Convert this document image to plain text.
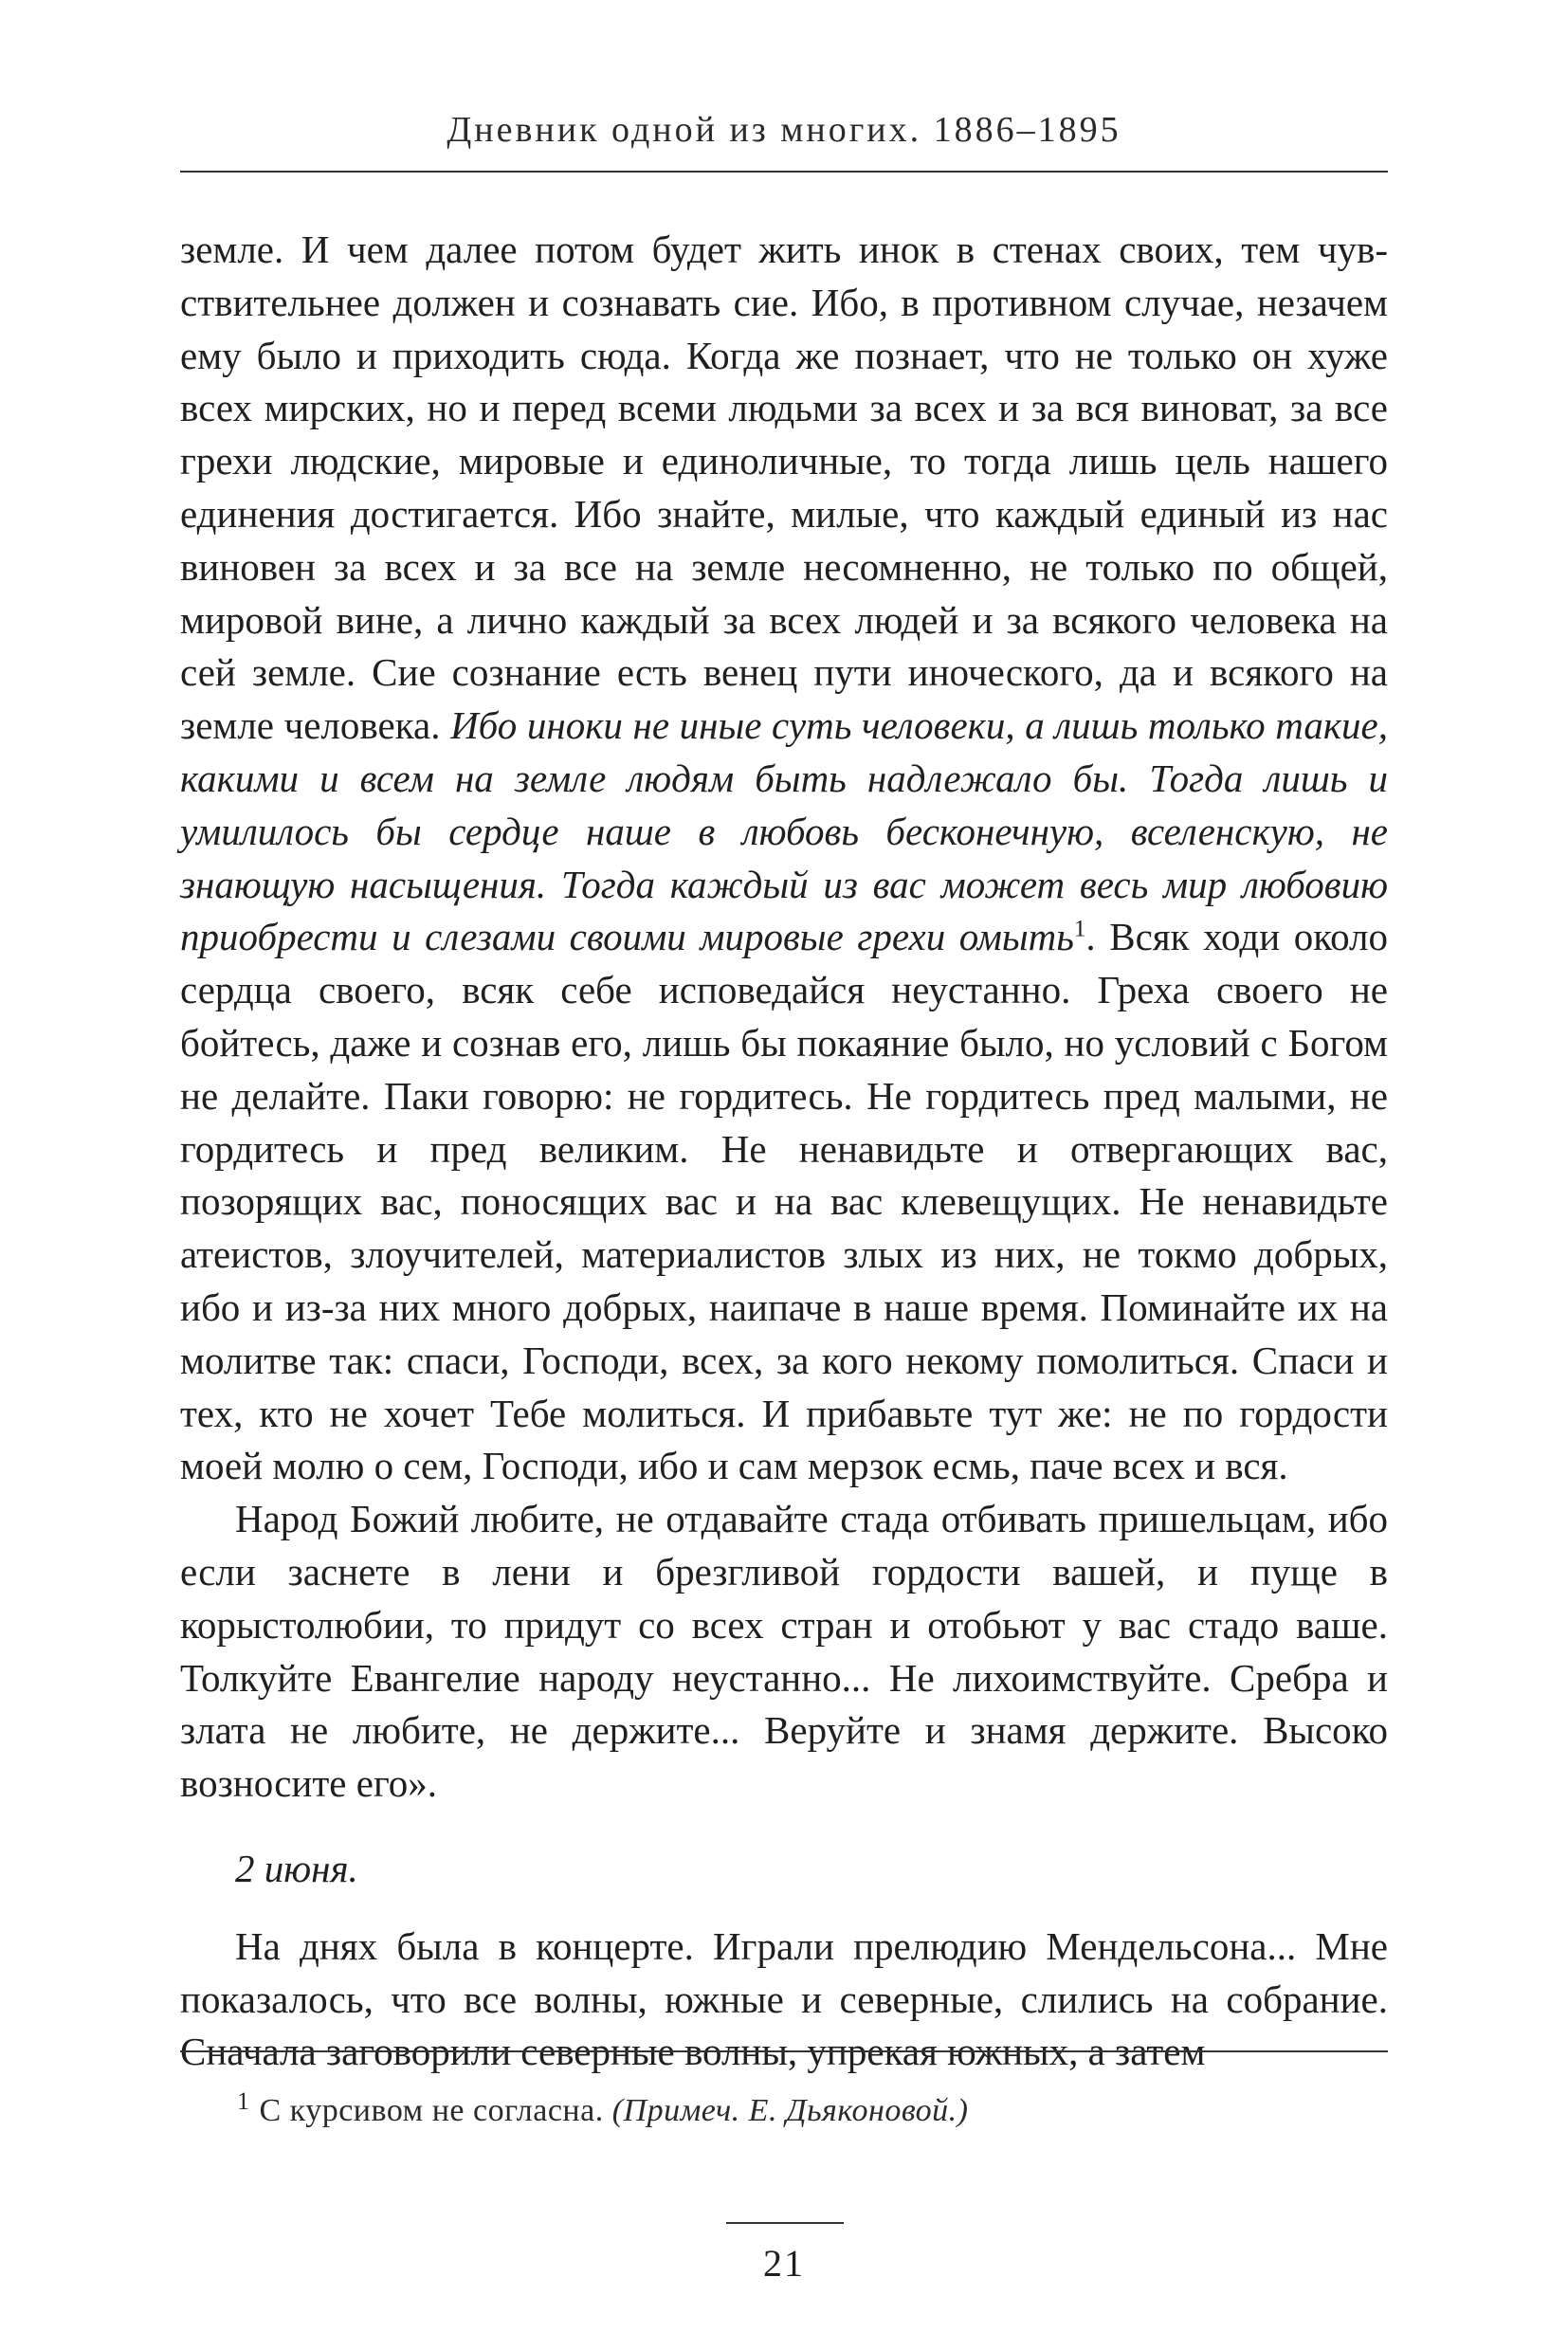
Дневник одной из многих. 1886–1895

земле. И чем далее потом будет жить инок в стенах своих, тем чувствительнее должен и сознавать сие. Ибо, в противном случае, незачем ему было и приходить сюда. Когда же познает, что не только он хуже всех мирских, но и перед всеми людьми за всех и за вся виноват, за все грехи людские, мировые и единоличные, то тогда лишь цель нашего единения достигается. Ибо знайте, милые, что каждый единый из нас виновен за всех и за все на земле несомненно, не только по общей, мировой вине, а лично каждый за всех людей и за всякого человека на сей земле. Сие сознание есть венец пути иноческого, да и всякого на земле человека. Ибо иноки не иные суть человеки, а лишь только такие, какими и всем на земле людям быть надлежало бы. Тогда лишь и умилилось бы сердце наше в любовь бесконечную, вселенскую, не знающую насыщения. Тогда каждый из вас может весь мир любовию приобрести и слезами своими мировые грехи омыть$^1$. Всяк ходи около сердца своего, всяк себе исповедайся неустанно. Греха своего не бойтесь, даже и сознав его, лишь бы покаяние было, но условий с Богом не делайте. Паки говорю: не гордитесь. Не гордитесь пред малыми, не гордитесь и пред великим. Не ненавидьте и отвергающих вас, позорящих вас, поносящих вас и на вас клевещущих. Не ненавидьте атеистов, злоучителей, материалистов злых из них, не токмо добрых, ибо и из-за них много добрых, наипаче в наше время. Поминайте их на молитве так: спаси, Господи, всех, за кого некому помолиться. Спаси и тех, кто не хочет Тебе молиться. И прибавьте тут же: не по гордости моей молю о сем, Господи, ибо и сам мерзок есмь, паче всех и вся.

Народ Божий любите, не отдавайте стада отбивать пришельцам, ибо если заснете в лени и брезгливой гордости вашей, и пуще в корыстолюбии, то придут со всех стран и отобьют у вас стадо ваше. Толкуйте Евангелие народу неустанно... Не лихоимствуйте. Сребра и злата не любите, не держите... Веруйте и знамя держите. Высоко возносите его».

2 июня.

На днях была в концерте. Играли прелюдию Мендельсона... Мне показалось, что все волны, южные и северные, слились на собрание. Сначала заговорили северные волны, упрекая южных, а затем

$^1$ С курсивом не согласна. (Примеч. Е. Дьяконовой.)
21
